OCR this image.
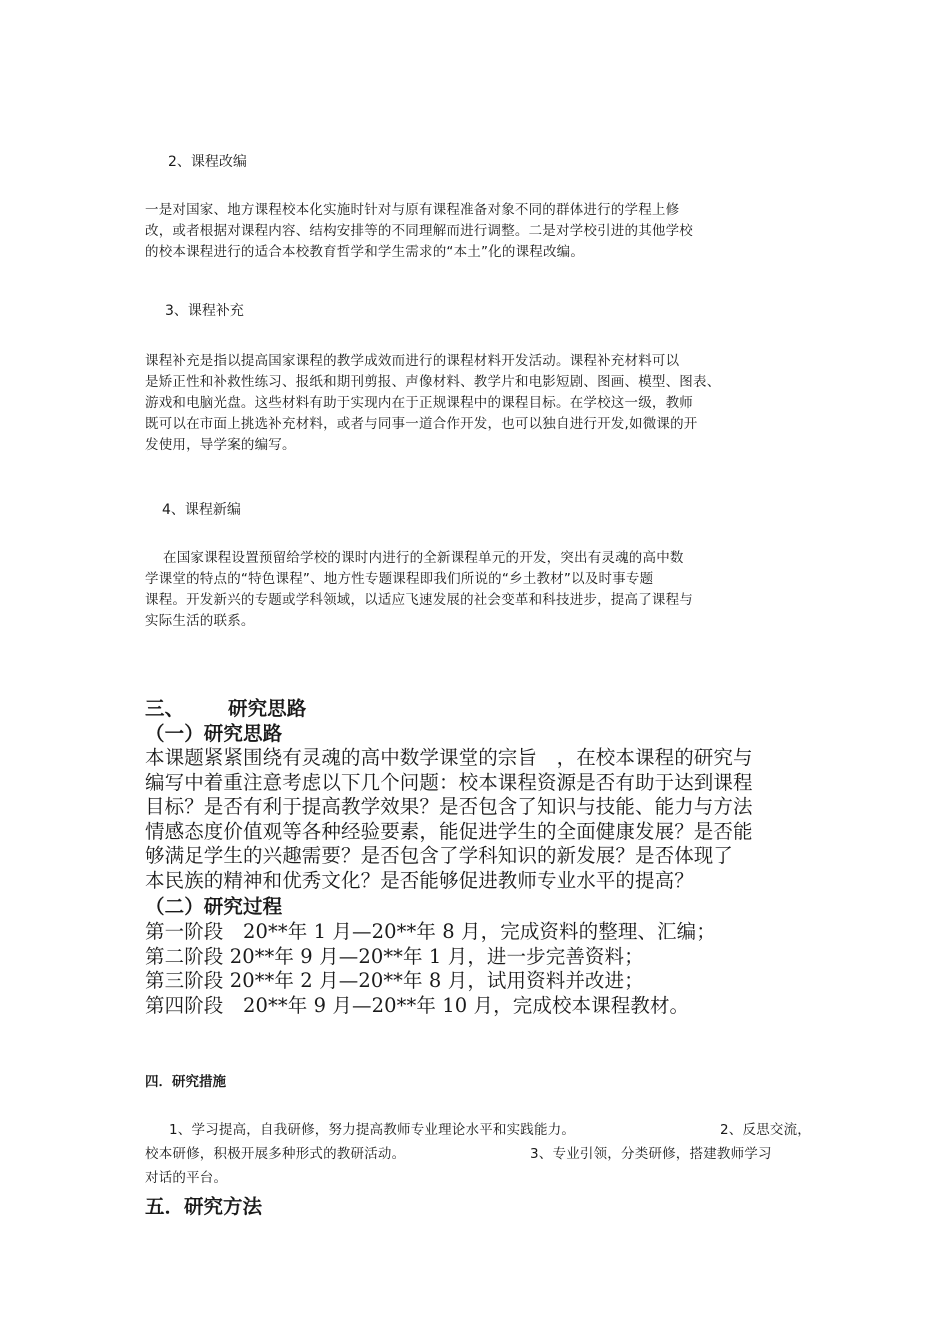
2、课程改编
一是对国家、地方课程校本化实施时针对与原有课程准备对象不同的群体进行的学程上修
改，或者根据对课程内容、结构安排等的不同理解而进行调整。二是对学校引进的其他学校
的校本课程进行的适合本校教育哲学和学生需求的“本土”化的课程改编。
3、课程补充
课程补充是指以提高国家课程的教学成效而进行的课程材料开发活动。课程补充材料可以
是矫正性和补救性练习、报纸和期刊剪报、声像材料、教学片和电影短剧、图画、模型、图表、
游戏和电脑光盘。这些材料有助于实现内在于正规课程中的课程目标。在学校这一级，教师
既可以在市面上挑选补充材料，或者与同事一道合作开发，也可以独自进行开发,如微课的开
发使用，导学案的编写。
4、课程新编
在国家课程设置预留给学校的课时内进行的全新课程单元的开发，突出有灵魂的高中数
学课堂的特点的“特色课程”、地方性专题课程即我们所说的“乡土教材”以及时事专题
课程。开发新兴的专题或学科领域，以适应飞速发展的社会变革和科技进步，提高了课程与
实际生活的联系。
三、 研究思路
（一）研究思路
本课题紧紧围绕有灵魂的高中数学课堂的宗旨　，在校本课程的研究与
编写中着重注意考虑以下几个问题：校本课程资源是否有助于达到课程
目标？是否有利于提高教学效果？是否包含了知识与技能、能力与方法
情感态度价值观等各种经验要素，能促进学生的全面健康发展？是否能
够满足学生的兴趣需要？是否包含了学科知识的新发展？是否体现了
本民族的精神和优秀文化？是否能够促进教师专业水平的提高？
（二）研究过程
第一阶段　20**年 1 月—20**年 8 月，完成资料的整理、汇编；
第二阶段 20**年 9 月—20**年 1 月，进一步完善资料；
第三阶段 20**年 2 月—20**年 8 月，试用资料并改进；
第四阶段　20**年 9 月—20**年 10 月，完成校本课程教材。
四．研究措施
1、学习提高，自我研修，努力提高教师专业理论水平和实践能力。	2、反思交流，
校本研修，积极开展多种形式的教研活动。	3、专业引领，分类研修，搭建教师学习
对话的平台。
五．研究方法
